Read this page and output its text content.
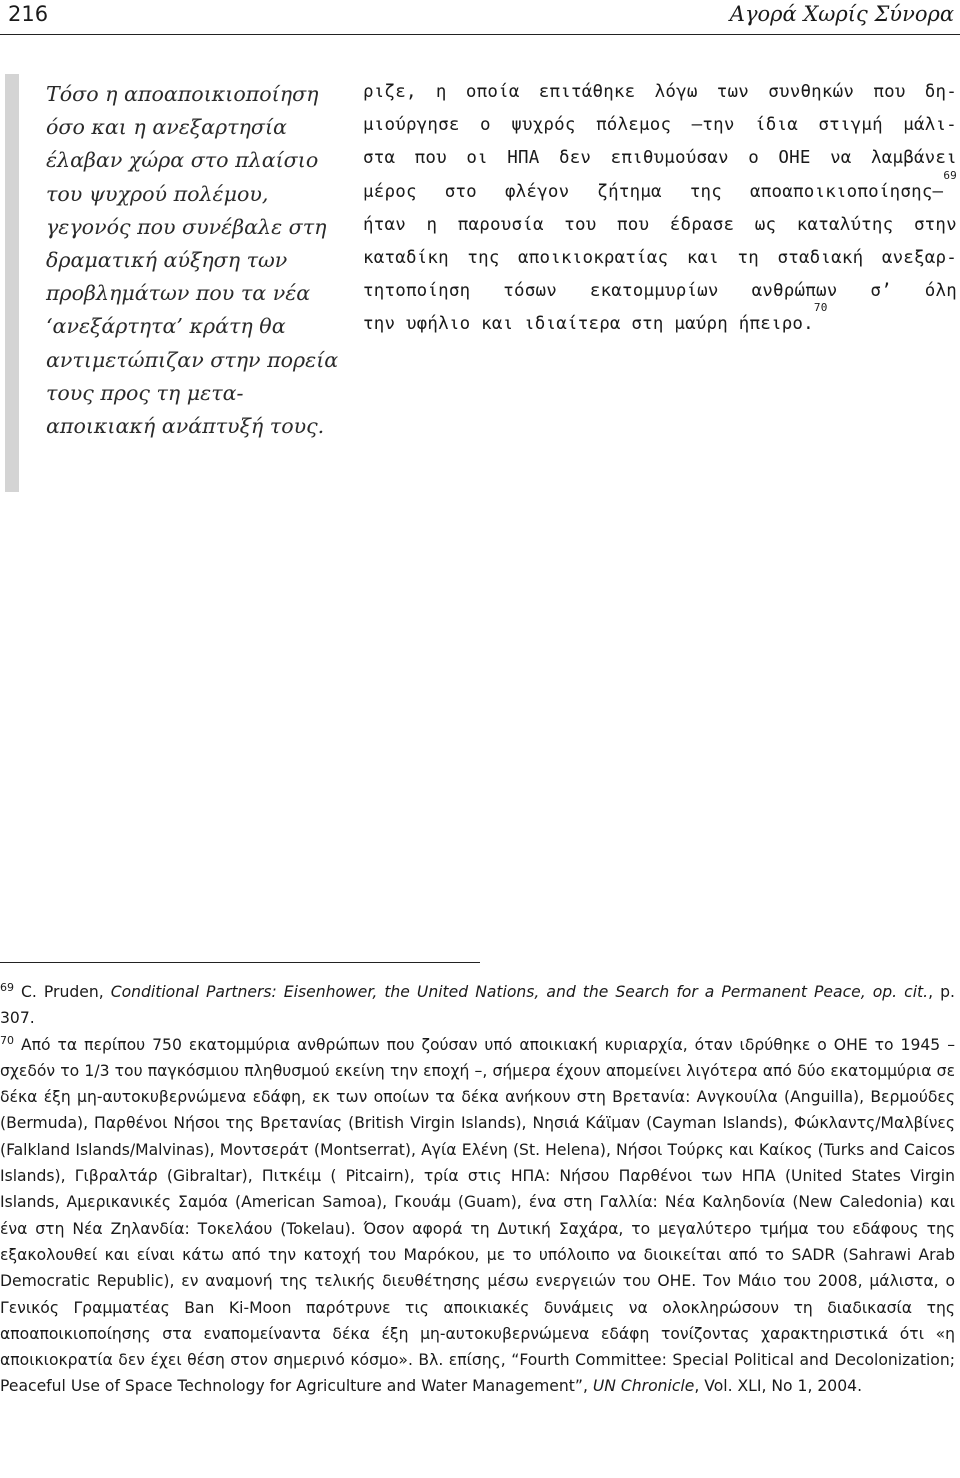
216	Αγορά Χωρίς Σύνορα
Τόσο η αποαποικιοποίηση
όσο και η ανεξαρτησία
έλαβαν χώρα στο πλαίσιο
του ψυχρού πολέμου,
γεγονός που συνέβαλε στη
δραματική αύξηση των
προβλημάτων που τα νέα
‘ανεξάρτητα’ κράτη θα
αντιμετώπιζαν στην πορεία
τους προς τη μετα-
αποικιακή ανάπτυξή τους.
ριζε, η οποία επιτάθηκε λόγω των συνθηκών που δη-
μιούργησε ο ψυχρός πόλεμος –την ίδια στιγμή μάλι-
στα που οι ΗΠΑ δεν επιθυμούσαν ο ΟΗΕ να λαμβάνει
μέρος στο φλέγον ζήτημα της αποαποικιοποίησης–
69
ήταν η παρουσία του που έδρασε ως καταλύτης στην
καταδίκη της αποικιοκρατίας και τη σταδιακή ανεξαρ-
τητοποίηση τόσων εκατομμυρίων ανθρώπων σ’ όλη
την υφήλιο και ιδιαίτερα στη μαύρη ήπειρο.
70

$^{69}$ C. Pruden, Conditional Partners: Eisenhower, the United Nations, and the Search for a Permanent Peace, op. cit., p. 307.

$^{70}$ Από τα περίπου 750 εκατομμύρια ανθρώπων που ζούσαν υπό αποικιακή κυριαρχία, όταν ιδρύθηκε ο ΟΗΕ το 1945 – σχεδόν το 1/3 του παγκόσμιου πληθυσμού εκείνη την εποχή –, σήμερα έχουν απομείνει λιγότερα από δύο εκατομμύρια σε δέκα έξη μη-αυτοκυβερνώμενα εδάφη, εκ των οποίων τα δέκα ανήκουν στη Βρετανία: Ανγκουίλα (Anguilla), Βερμούδες (Bermuda), Παρθένοι Νήσοι της Βρετανίας (British Virgin Islands), Νησιά Κάϊμαν (Cayman Islands), Φώκλαντς/Μαλβίνες (Falkland Islands/Malvinas), Μοντσεράτ (Montserrat), Αγία Ελένη (St. Helena), Νήσοι Τούρκς και Καίκος (Turks and Caicos Islands), Γιβραλτάρ (Gibraltar), Πιτκέιμ ( Pitcairn), τρία στις ΗΠΑ: Νήσου Παρθένοι των ΗΠΑ (United States Virgin Islands, Αμερικανικές Σαμόα (American Samoa), Γκουάμ (Guam), ένα στη Γαλλία: Νέα Καληδονία (New Caledonia) και ένα στη Νέα Ζηλανδία: Τοκελάου (Tokelau). Όσον αφορά τη Δυτική Σαχάρα, το μεγαλύτερο τμήμα του εδάφους της εξακολουθεί και είναι κάτω από την κατοχή του Μαρόκου, με το υπόλοιπο να διοικείται από το SADR (Sahrawi Arab Democratic Republic), εν αναμονή της τελικής διευθέτησης μέσω ενεργειών του ΟΗΕ. Τον Μάιο του 2008, μάλιστα, ο Γενικός Γραμματέας Ban Ki-Moon παρότρυνε τις αποικιακές δυνάμεις να ολοκληρώσουν τη διαδικασία της αποαποικιοποίησης στα εναπομείναντα δέκα έξη μη-αυτοκυβερνώμενα εδάφη τονίζοντας χαρακτηριστικά ότι «η αποικιοκρατία δεν έχει θέση στον σημερινό κόσμο». Βλ. επίσης, “Fourth Committee: Special Political and Decolonization; Peaceful Use of Space Technology for Agriculture and Water Management”, UN Chronicle, Vol. XLI, No 1, 2004.
